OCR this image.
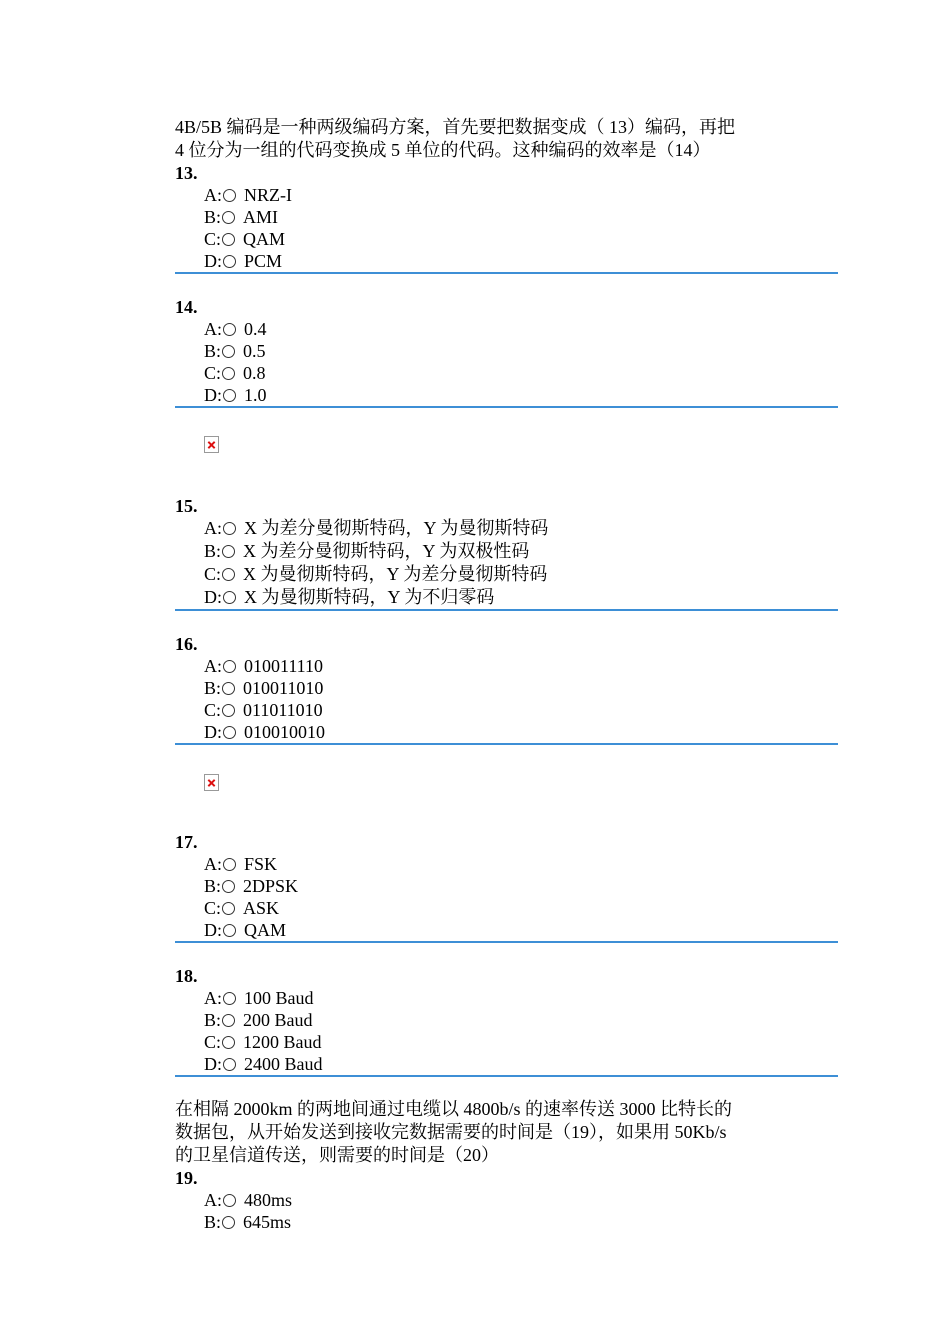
4B/5B 编码是一种两级编码方案，首先要把数据变成（ 13）编码，再把
4 位分为一组的代码变换成 5 单位的代码。这种编码的效率是（14）
13.
A: NRZ-I
B: AMI
C: QAM
D: PCM
14.
A: 0.4
B: 0.5
C: 0.8
D: 1.0
15.
A: X 为差分曼彻斯特码，Y 为曼彻斯特码
B: X 为差分曼彻斯特码，Y 为双极性码
C: X 为曼彻斯特码，Y 为差分曼彻斯特码
D: X 为曼彻斯特码，Y 为不归零码
16.
A: 010011110
B: 010011010
C: 011011010
D: 010010010
17.
A: FSK
B: 2DPSK
C: ASK
D: QAM
18.
A: 100 Baud
B: 200 Baud
C: 1200 Baud
D: 2400 Baud
在相隔 2000km 的两地间通过电缆以 4800b/s 的速率传送 3000 比特长的
数据包，从开始发送到接收完数据需要的时间是（19），如果用 50Kb/s
的卫星信道传送，则需要的时间是（20）
19.
A: 480ms
B: 645ms
